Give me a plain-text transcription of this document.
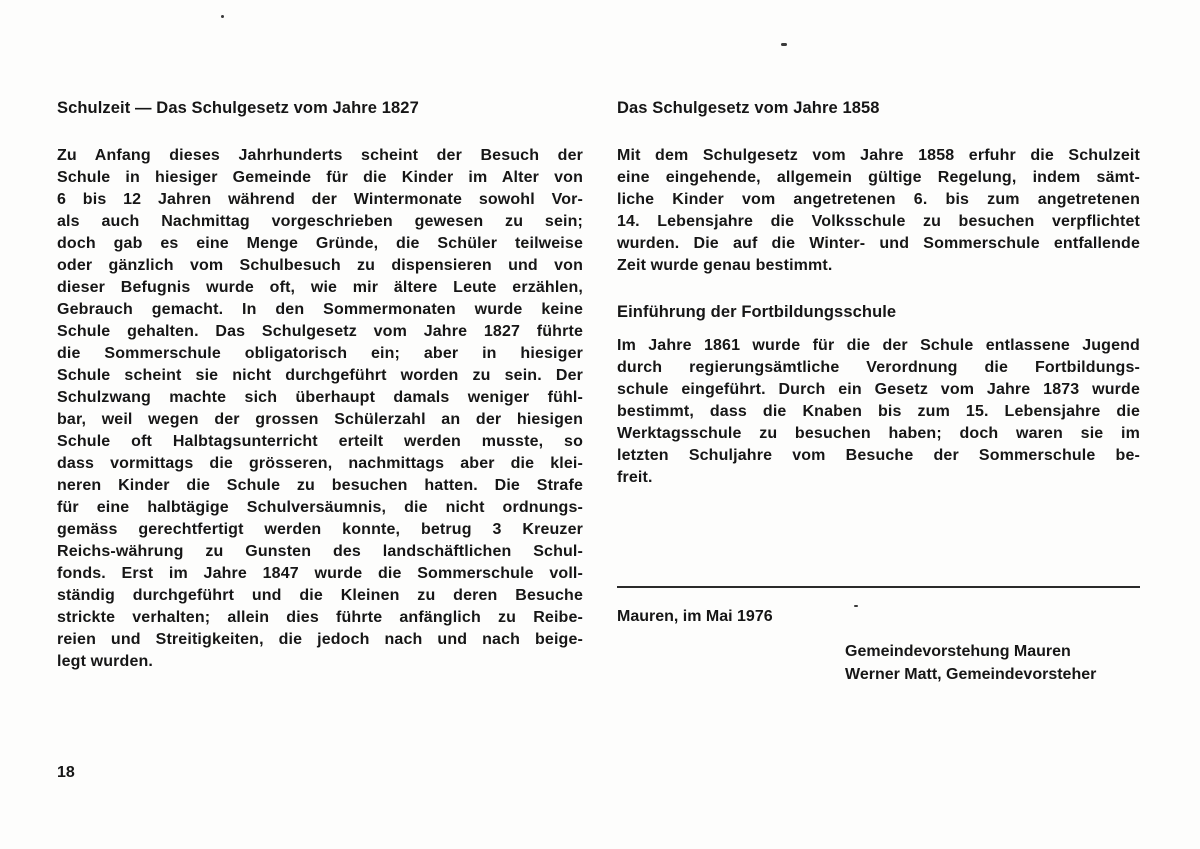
Schulzeit — Das Schulgesetz vom Jahre 1827
Zu Anfang dieses Jahrhunderts scheint der Besuch der
Schule in hiesiger Gemeinde für die Kinder im Alter von
6 bis 12 Jahren während der Wintermonate sowohl Vor-
als auch Nachmittag vorgeschrieben gewesen zu sein;
doch gab es eine Menge Gründe, die Schüler teilweise
oder gänzlich vom Schulbesuch zu dispensieren und von
dieser Befugnis wurde oft, wie mir ältere Leute erzählen,
Gebrauch gemacht. In den Sommermonaten wurde keine
Schule gehalten. Das Schulgesetz vom Jahre 1827 führte
die Sommerschule obligatorisch ein; aber in hiesiger
Schule scheint sie nicht durchgeführt worden zu sein. Der
Schulzwang machte sich überhaupt damals weniger fühl-
bar, weil wegen der grossen Schülerzahl an der hiesigen
Schule oft Halbtagsunterricht erteilt werden musste, so
dass vormittags die grösseren, nachmittags aber die klei-
neren Kinder die Schule zu besuchen hatten. Die Strafe
für eine halbtägige Schulversäumnis, die nicht ordnungs-
gemäss gerechtfertigt werden konnte, betrug 3 Kreuzer
Reichs-währung zu Gunsten des landschäftlichen Schul-
fonds. Erst im Jahre 1847 wurde die Sommerschule voll-
ständig durchgeführt und die Kleinen zu deren Besuche
strickte verhalten; allein dies führte anfänglich zu Reibe-
reien und Streitigkeiten, die jedoch nach und nach beige-
legt wurden.
Das Schulgesetz vom Jahre 1858
Mit dem Schulgesetz vom Jahre 1858 erfuhr die Schulzeit
eine eingehende, allgemein gültige Regelung, indem sämt-
liche Kinder vom angetretenen 6. bis zum angetretenen
14. Lebensjahre die Volksschule zu besuchen verpflichtet
wurden. Die auf die Winter- und Sommerschule entfallende
Zeit wurde genau bestimmt.
Einführung der Fortbildungsschule
Im Jahre 1861 wurde für die der Schule entlassene Jugend
durch regierungsämtliche Verordnung die Fortbildungs-
schule eingeführt. Durch ein Gesetz vom Jahre 1873 wurde
bestimmt, dass die Knaben bis zum 15. Lebensjahre die
Werktagsschule zu besuchen haben; doch waren sie im
letzten Schuljahre vom Besuche der Sommerschule be-
freit.
Mauren, im Mai 1976
Gemeindevorstehung Mauren
Werner Matt, Gemeindevorsteher
18
